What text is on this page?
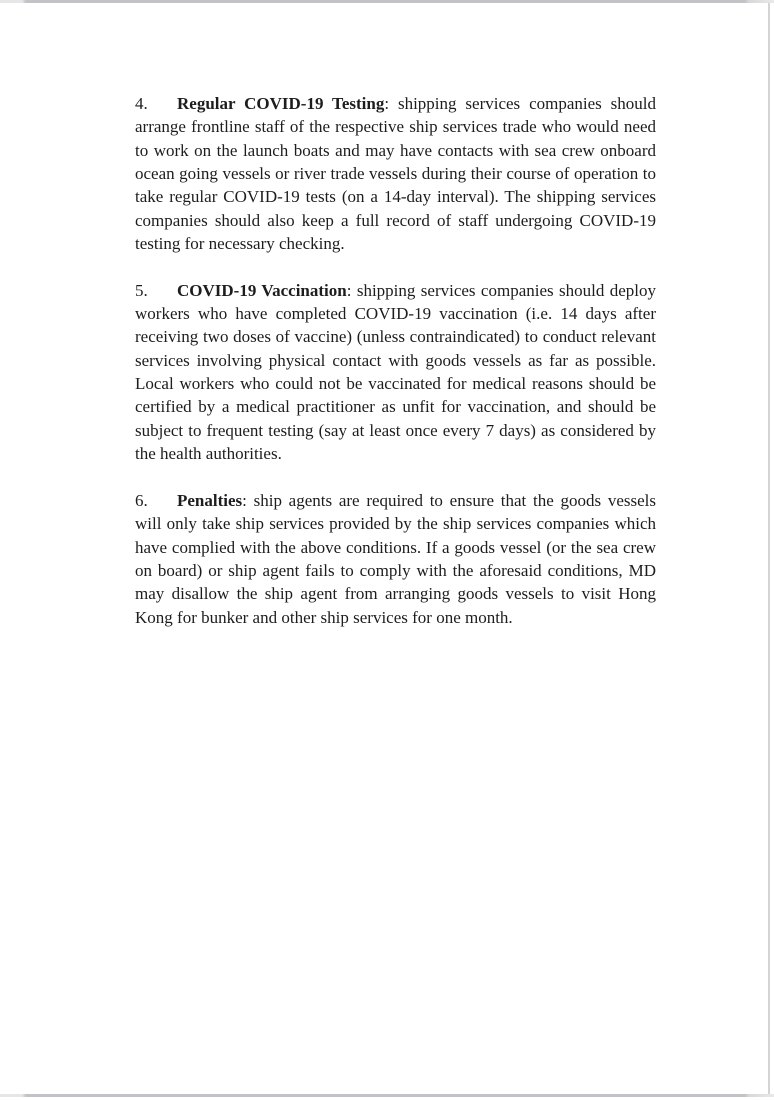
4. Regular COVID-19 Testing: shipping services companies should arrange frontline staff of the respective ship services trade who would need to work on the launch boats and may have contacts with sea crew onboard ocean going vessels or river trade vessels during their course of operation to take regular COVID-19 tests (on a 14-day interval). The shipping services companies should also keep a full record of staff undergoing COVID-19 testing for necessary checking.

5. COVID-19 Vaccination: shipping services companies should deploy workers who have completed COVID-19 vaccination (i.e. 14 days after receiving two doses of vaccine) (unless contraindicated) to conduct relevant services involving physical contact with goods vessels as far as possible. Local workers who could not be vaccinated for medical reasons should be certified by a medical practitioner as unfit for vaccination, and should be subject to frequent testing (say at least once every 7 days) as considered by the health authorities.

6. Penalties: ship agents are required to ensure that the goods vessels will only take ship services provided by the ship services companies which have complied with the above conditions. If a goods vessel (or the sea crew on board) or ship agent fails to comply with the aforesaid conditions, MD may disallow the ship agent from arranging goods vessels to visit Hong Kong for bunker and other ship services for one month.
